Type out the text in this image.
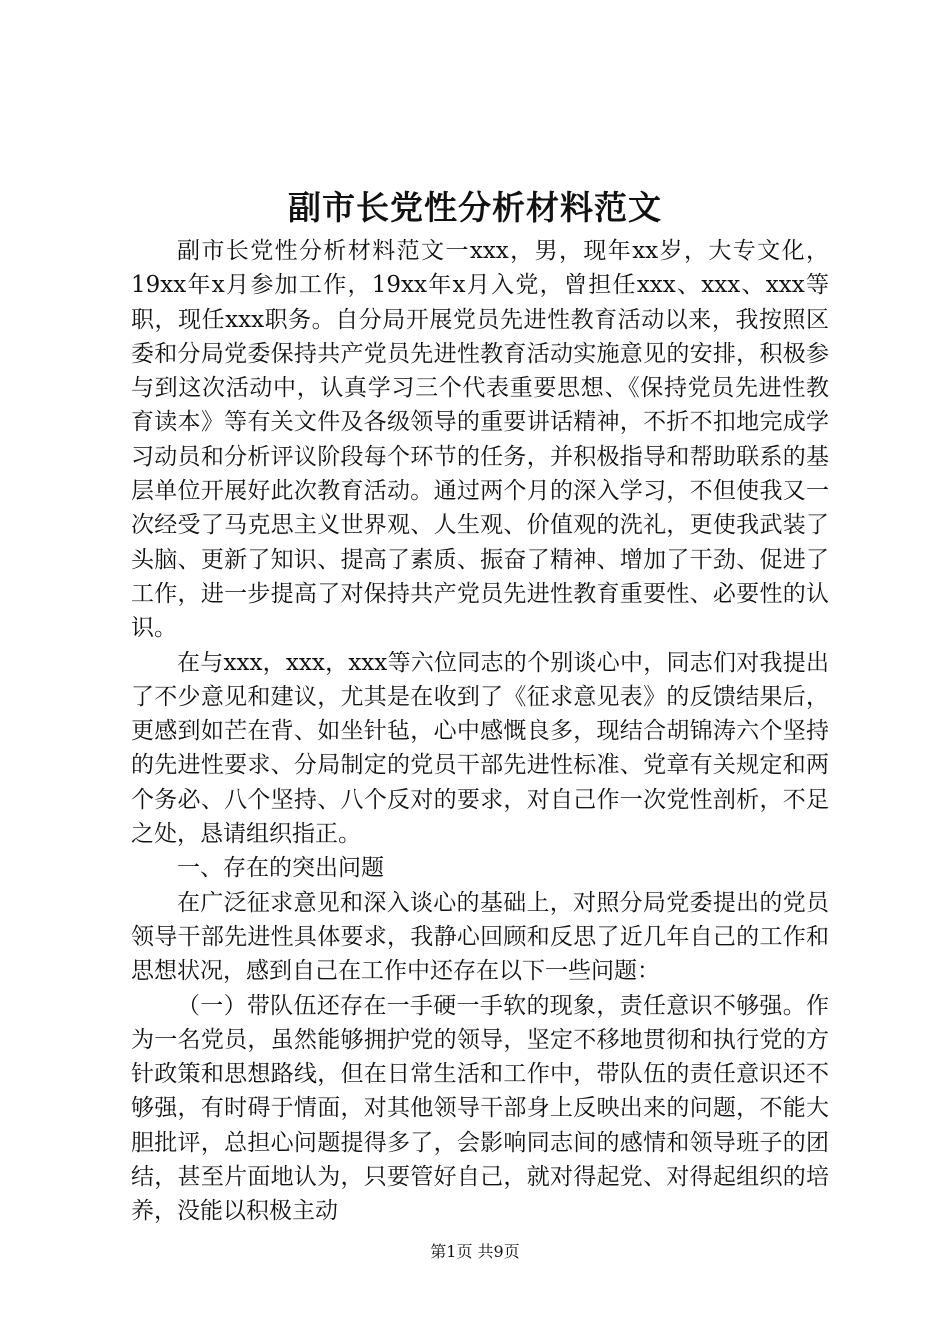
副市长党性分析材料范文

副市长党性分析材料范文一xxx，男，现年xx岁，大专文化，19xx年x月参加工作，19xx年x月入党，曾担任xxx、xxx、xxx等职，现任xxx职务。自分局开展党员先进性教育活动以来，我按照区委和分局党委保持共产党员先进性教育活动实施意见的安排，积极参与到这次活动中，认真学习三个代表重要思想、《保持党员先进性教育读本》等有关文件及各级领导的重要讲话精神，不折不扣地完成学习动员和分析评议阶段每个环节的任务，并积极指导和帮助联系的基层单位开展好此次教育活动。通过两个月的深入学习，不但使我又一次经受了马克思主义世界观、人生观、价值观的洗礼，更使我武装了头脑、更新了知识、提高了素质、振奋了精神、增加了干劲、促进了工作，进一步提高了对保持共产党员先进性教育重要性、必要性的认识。

在与xxx，xxx，xxx等六位同志的个别谈心中，同志们对我提出了不少意见和建议，尤其是在收到了《征求意见表》的反馈结果后，更感到如芒在背、如坐针毡，心中感慨良多，现结合胡锦涛六个坚持的先进性要求、分局制定的党员干部先进性标准、党章有关规定和两个务必、八个坚持、八个反对的要求，对自己作一次党性剖析，不足之处，恳请组织指正。

一、存在的突出问题

在广泛征求意见和深入谈心的基础上，对照分局党委提出的党员领导干部先进性具体要求，我静心回顾和反思了近几年自己的工作和思想状况，感到自己在工作中还存在以下一些问题：

（一）带队伍还存在一手硬一手软的现象，责任意识不够强。作为一名党员，虽然能够拥护党的领导，坚定不移地贯彻和执行党的方针政策和思想路线，但在日常生活和工作中，带队伍的责任意识还不够强，有时碍于情面，对其他领导干部身上反映出来的问题，不能大胆批评，总担心问题提得多了，会影响同志间的感情和领导班子的团结，甚至片面地认为，只要管好自己，就对得起党、对得起组织的培养，没能以积极主动

第1页 共9页
